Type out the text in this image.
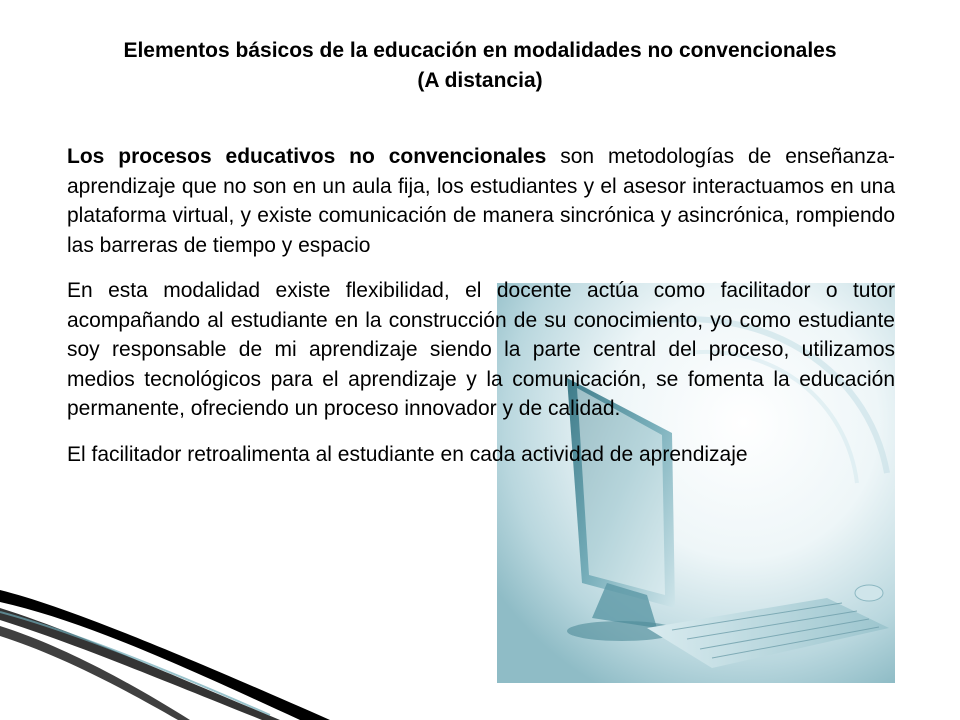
Elementos básicos de la educación en modalidades no convencionales
(A distancia)

Los procesos educativos no convencionales son metodologías de enseñanza-aprendizaje que no son en un aula fija, los estudiantes y el asesor interactuamos en una plataforma virtual, y existe comunicación de manera sincrónica y asincrónica, rompiendo las barreras de tiempo y espacio

En esta modalidad existe flexibilidad, el docente actúa como facilitador o tutor acompañando al estudiante en la construcción de su conocimiento, yo como estudiante soy responsable de mi aprendizaje siendo la parte central del proceso, utilizamos medios tecnológicos para el aprendizaje y la comunicación, se fomenta la educación permanente, ofreciendo un proceso innovador y de calidad.

El facilitador retroalimenta al estudiante en cada actividad de aprendizaje
